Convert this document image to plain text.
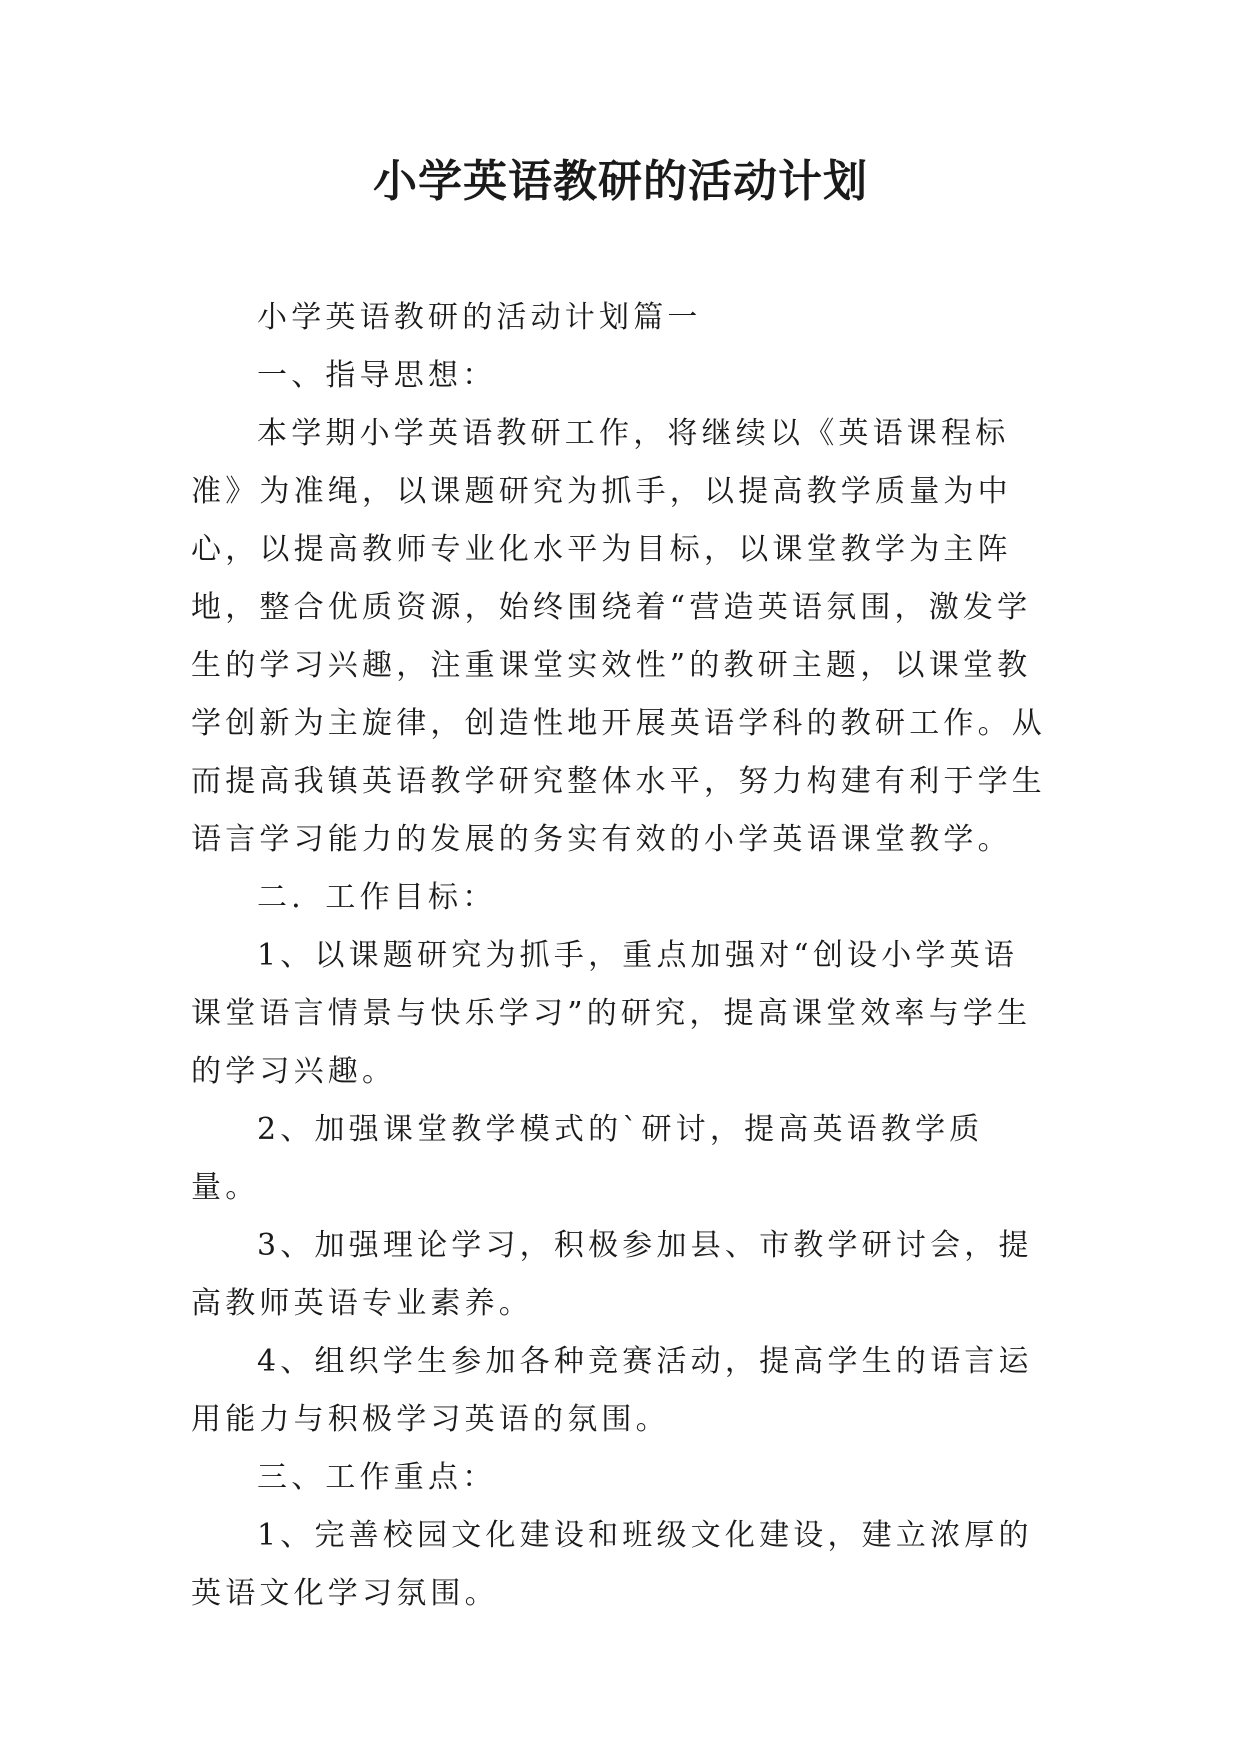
小学英语教研的活动计划

小学英语教研的活动计划篇一

一、指导思想：

本学期小学英语教研工作，将继续以《英语课程标准》为准绳，以课题研究为抓手，以提高教学质量为中心，以提高教师专业化水平为目标，以课堂教学为主阵地，整合优质资源，始终围绕着“营造英语氛围，激发学生的学习兴趣，注重课堂实效性”的教研主题，以课堂教学创新为主旋律，创造性地开展英语学科的教研工作。从而提高我镇英语教学研究整体水平，努力构建有利于学生语言学习能力的发展的务实有效的小学英语课堂教学。

二．工作目标：

1、以课题研究为抓手，重点加强对“创设小学英语课堂语言情景与快乐学习”的研究，提高课堂效率与学生的学习兴趣。

2、加强课堂教学模式的`研讨，提高英语教学质量。

3、加强理论学习，积极参加县、市教学研讨会，提高教师英语专业素养。

4、组织学生参加各种竞赛活动，提高学生的语言运用能力与积极学习英语的氛围。

三、工作重点：

1、完善校园文化建设和班级文化建设，建立浓厚的英语文化学习氛围。
